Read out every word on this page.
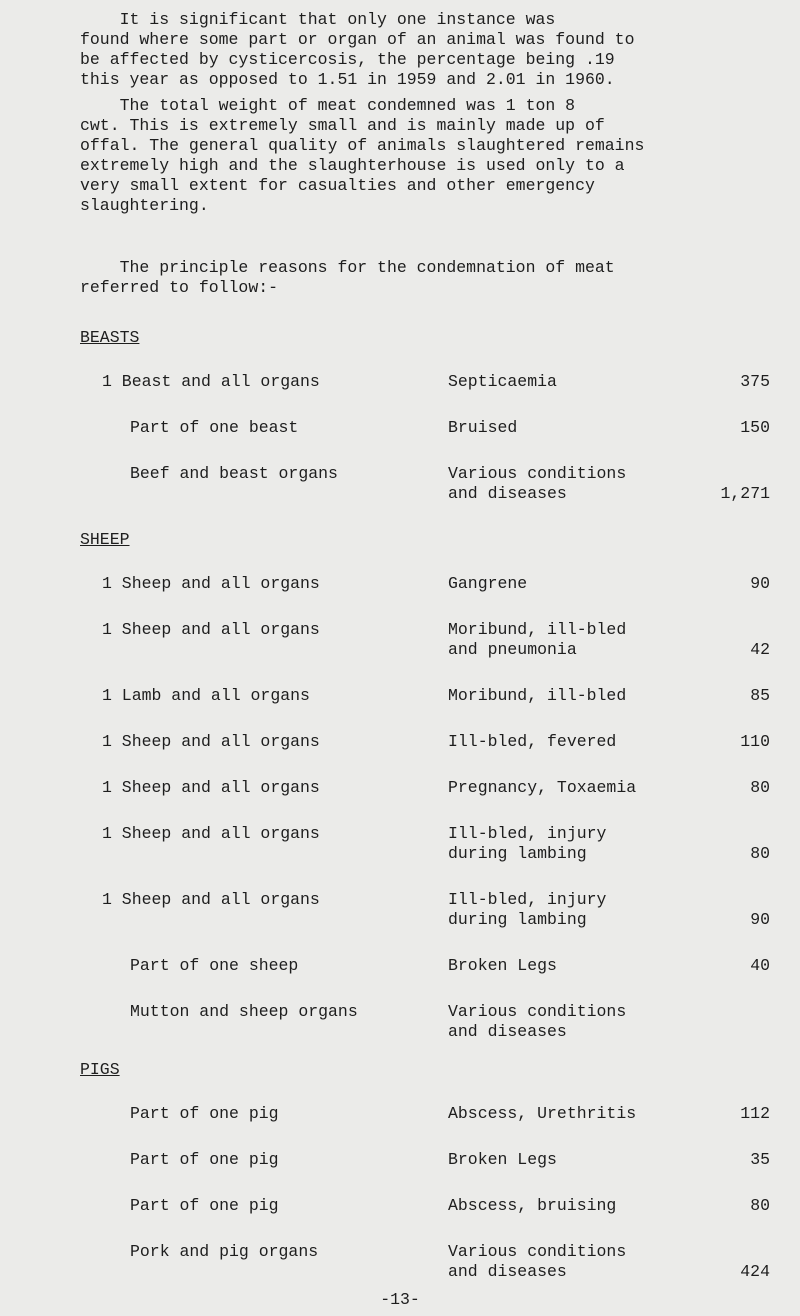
It is significant that only one instance was
found where some part or organ of an animal was found to
be affected by cysticercosis, the percentage being .19
this year as opposed to 1.51 in 1959 and 2.01 in 1960.
The total weight of meat condemned was 1 ton 8
cwt. This is extremely small and is mainly made up of
offal. The general quality of animals slaughtered remains
extremely high and the slaughterhouse is used only to a
very small extent for casualties and other emergency
slaughtering.
The principle reasons for the condemnation of meat
referred to follow:-
BEASTS
1 Beast and all organs	Septicaemia	375
Part of one beast	Bruised	150
Beef and beast organs	Various conditions
and diseases	1,271
SHEEP
1 Sheep and all organs	Gangrene	90
1 Sheep and all organs	Moribund, ill-bled
and pneumonia	42
1 Lamb and all organs	Moribund, ill-bled	85
1 Sheep and all organs	Ill-bled, fevered	110
1 Sheep and all organs	Pregnancy, Toxaemia	80
1 Sheep and all organs	Ill-bled, injury
during lambing	80
1 Sheep and all organs	Ill-bled, injury
during lambing	90
Part of one sheep	Broken Legs	40
Mutton and sheep organs	Various conditions
and diseases
PIGS
Part of one pig	Abscess, Urethritis	112
Part of one pig	Broken Legs	35
Part of one pig	Abscess, bruising	80
Pork and pig organs	Various conditions
and diseases	424
-13-
